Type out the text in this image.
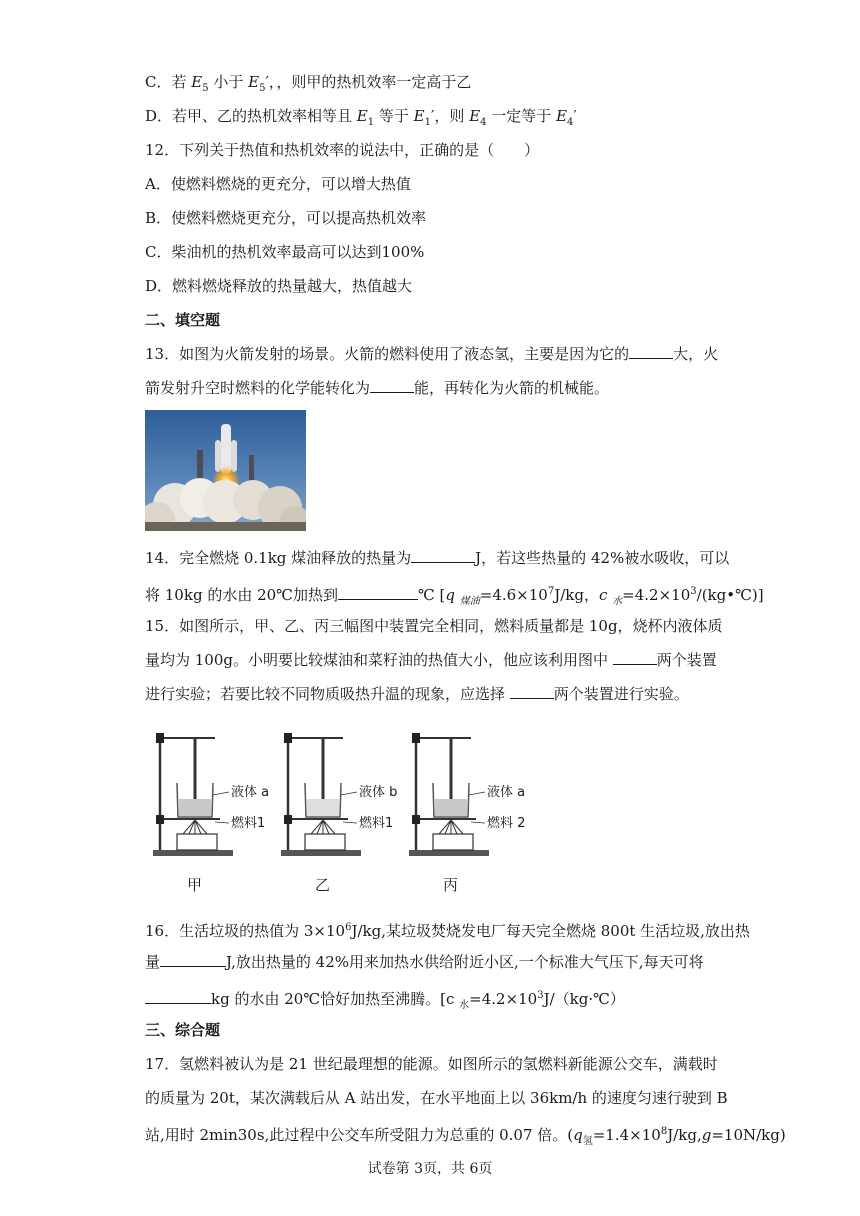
C．若 $E_5$ 小于 $E_5'$，，则甲的热机效率一定高于乙
D．若甲、乙的热机效率相等且 $E_1$ 等于 $E_1'$，则 $E_4$ 一定等于 $E_4'$
12．下列关于热值和热机效率的说法中，正确的是（　　）
A．使燃料燃烧的更充分，可以增大热值
B．使燃料燃烧更充分，可以提高热机效率
C．柴油机的热机效率最高可以达到100%
D．燃料燃烧释放的热量越大，热值越大
二、填空题
13．如图为火箭发射的场景。火箭的燃料使用了液态氢，主要是因为它的	大，火
箭发射升空时燃料的化学能转化为	能，再转化为火箭的机械能。
14．完全燃烧 0.1kg 煤油释放的热量为	J，若这些热量的 42%被水吸收，可以
将 10kg 的水由 20℃加热到	℃ [q $_{煤油}=4.6\times 10^7J/kg$，c $_水=4.2\times 10^3/(kg•℃)$]
15．如图所示，甲、乙、丙三幅图中装置完全相同，燃料质量都是 10g，烧杯内液体质
量均为 100g。小明要比较煤油和菜籽油的热值大小，他应该利用图中	两个装置
进行实验；若要比较不同物质吸热升温的现象，应选择	两个装置进行实验。
液体 a
燃料1
甲
液体 b
燃料1
乙
液体 a
燃料 2
丙
16．生活垃圾的热值为 $3\times 10^6J/kg$,某垃圾焚烧发电厂每天完全燃烧 800t 生活垃圾,放出热
量	J,放出热量的 42%用来加热水供给附近小区,一个标准大气压下,每天可将
kg 的水由 20℃恰好加热至沸腾。[c $_水=4.2\times 10^3J/(kg\cdot℃)$
三、综合题
17．氢燃料被认为是 21 世纪最理想的能源。如图所示的氢燃料新能源公交车，满载时
的质量为 20t，某次满载后从 A 站出发，在水平地面上以 36km/h 的速度匀速行驶到 B
站,用时 2min30s,此过程中公交车所受阻力为总重的 0.07 倍。$(q_氢=1.4\times 10^8J/kg,g=10N/kg)$
试卷第 3页，共 6页
